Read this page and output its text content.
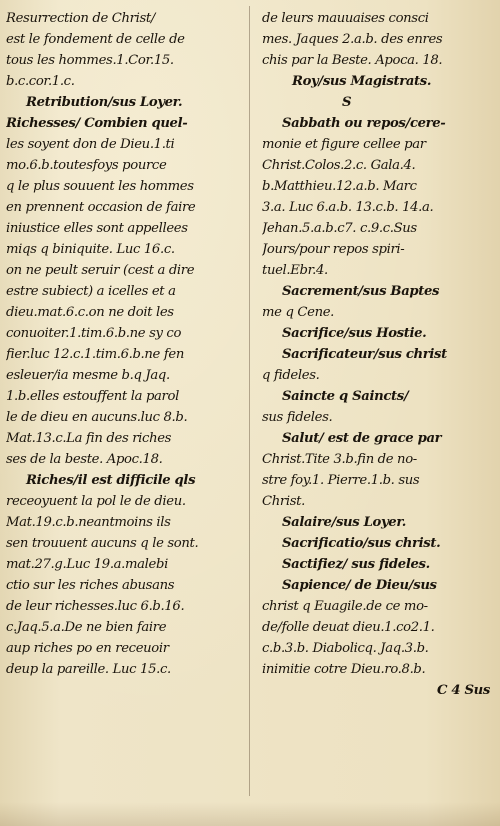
Resurrection de Christ/
est le fondement de celle de
tous les hommes.1.Cor.15.
b.c.cor.1.c.
Retribution/sus Loyer.
Richesses/ Combien quel-
les soyent don de Dieu.1.ti
mo.6.b.toutesfoys pource
q le plus souuent les hommes
en prennent occasion de faire
iniustice elles sont appellees
miqs q biniquite. Luc 16.c.
on ne peult seruir (cest a dire
estre subiect) a icelles et a
dieu.mat.6.c.on ne doit les
conuoiter.1.tim.6.b.ne sy co
fier.luc 12.c.1.tim.6.b.ne fen
esleuer/ia mesme b.q Jaq.
1.b.elles estouffent la parol
le de dieu en aucuns.luc 8.b.
Mat.13.c.La fin des riches
ses de la beste. Apoc.18.
Riches/il est difficile qls
receoyuent la pol le de dieu.
Mat.19.c.b.neantmoins ils
sen trouuent aucuns q le sont.
mat.27.g.Luc 19.a.malebi
ctio sur les riches abusans
de leur richesses.luc 6.b.16.
c.Jaq.5.a.De ne bien faire
aup riches po en receuoir
deup la pareille. Luc 15.c.
de leurs mauuaises consci
mes. Jaques 2.a.b. des enres
chis par la Beste. Apoca. 18.
Roy/sus Magistrats.
S
Sabbath ou repos/cere-
monie et figure cellee par
Christ.Colos.2.c. Gala.4.
b.Matthieu.12.a.b. Marc
3.a. Luc 6.a.b. 13.c.b. 14.a.
Jehan.5.a.b.c7. c.9.c.Sus
Jours/pour repos spiri-
tuel.Ebr.4.
Sacrement/sus Baptes
me q Cene.
Sacrifice/sus Hostie.
Sacrificateur/sus christ
q fideles.
Saincte q Saincts/
sus fideles.
Salut/ est de grace par
Christ.Tite 3.b.fin de no-
stre foy.1. Pierre.1.b. sus
Christ.
Salaire/sus Loyer.
Sacrificatio/sus christ.
Sactifiez/ sus fideles.
Sapience/ de Dieu/sus
christ q Euagile.de ce mo-
de/folle deuat dieu.1.co2.1.
c.b.3.b. Diabolicq. Jaq.3.b.
inimitie cotre Dieu.ro.8.b.
C 4 Sus
